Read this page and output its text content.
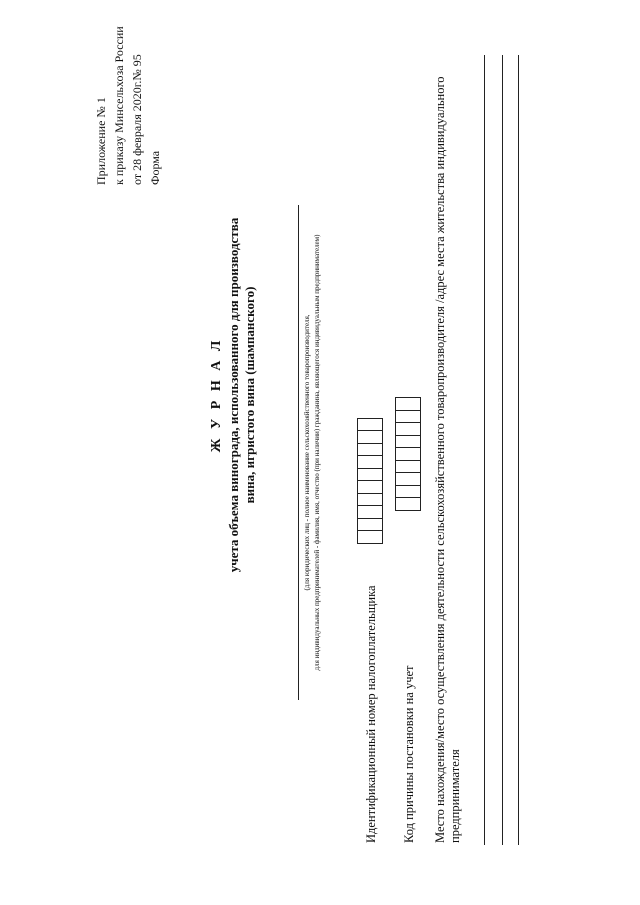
Приложение № 1 к приказу Минсельхоза России от 28 февраля 2020г.№ 95 Форма
Ж У Р Н А Л учета объема винограда, использованного для производства вина, игристого вина (шампанского)	(для юридических лиц - полное наименование сельскохозяйственного товаропроизводителя, для индивидуальных предпринимателей - фамилия, имя, отчество (при наличии) гражданина, являющегося индивидуальным предпринимателем)
Идентификационный номер налогоплательщика Код причины постановки на учет Место нахождения/место осуществления деятельности сельскохозяйственного товаропроизводителя /адрес места жительства индивидуального предпринимателя
